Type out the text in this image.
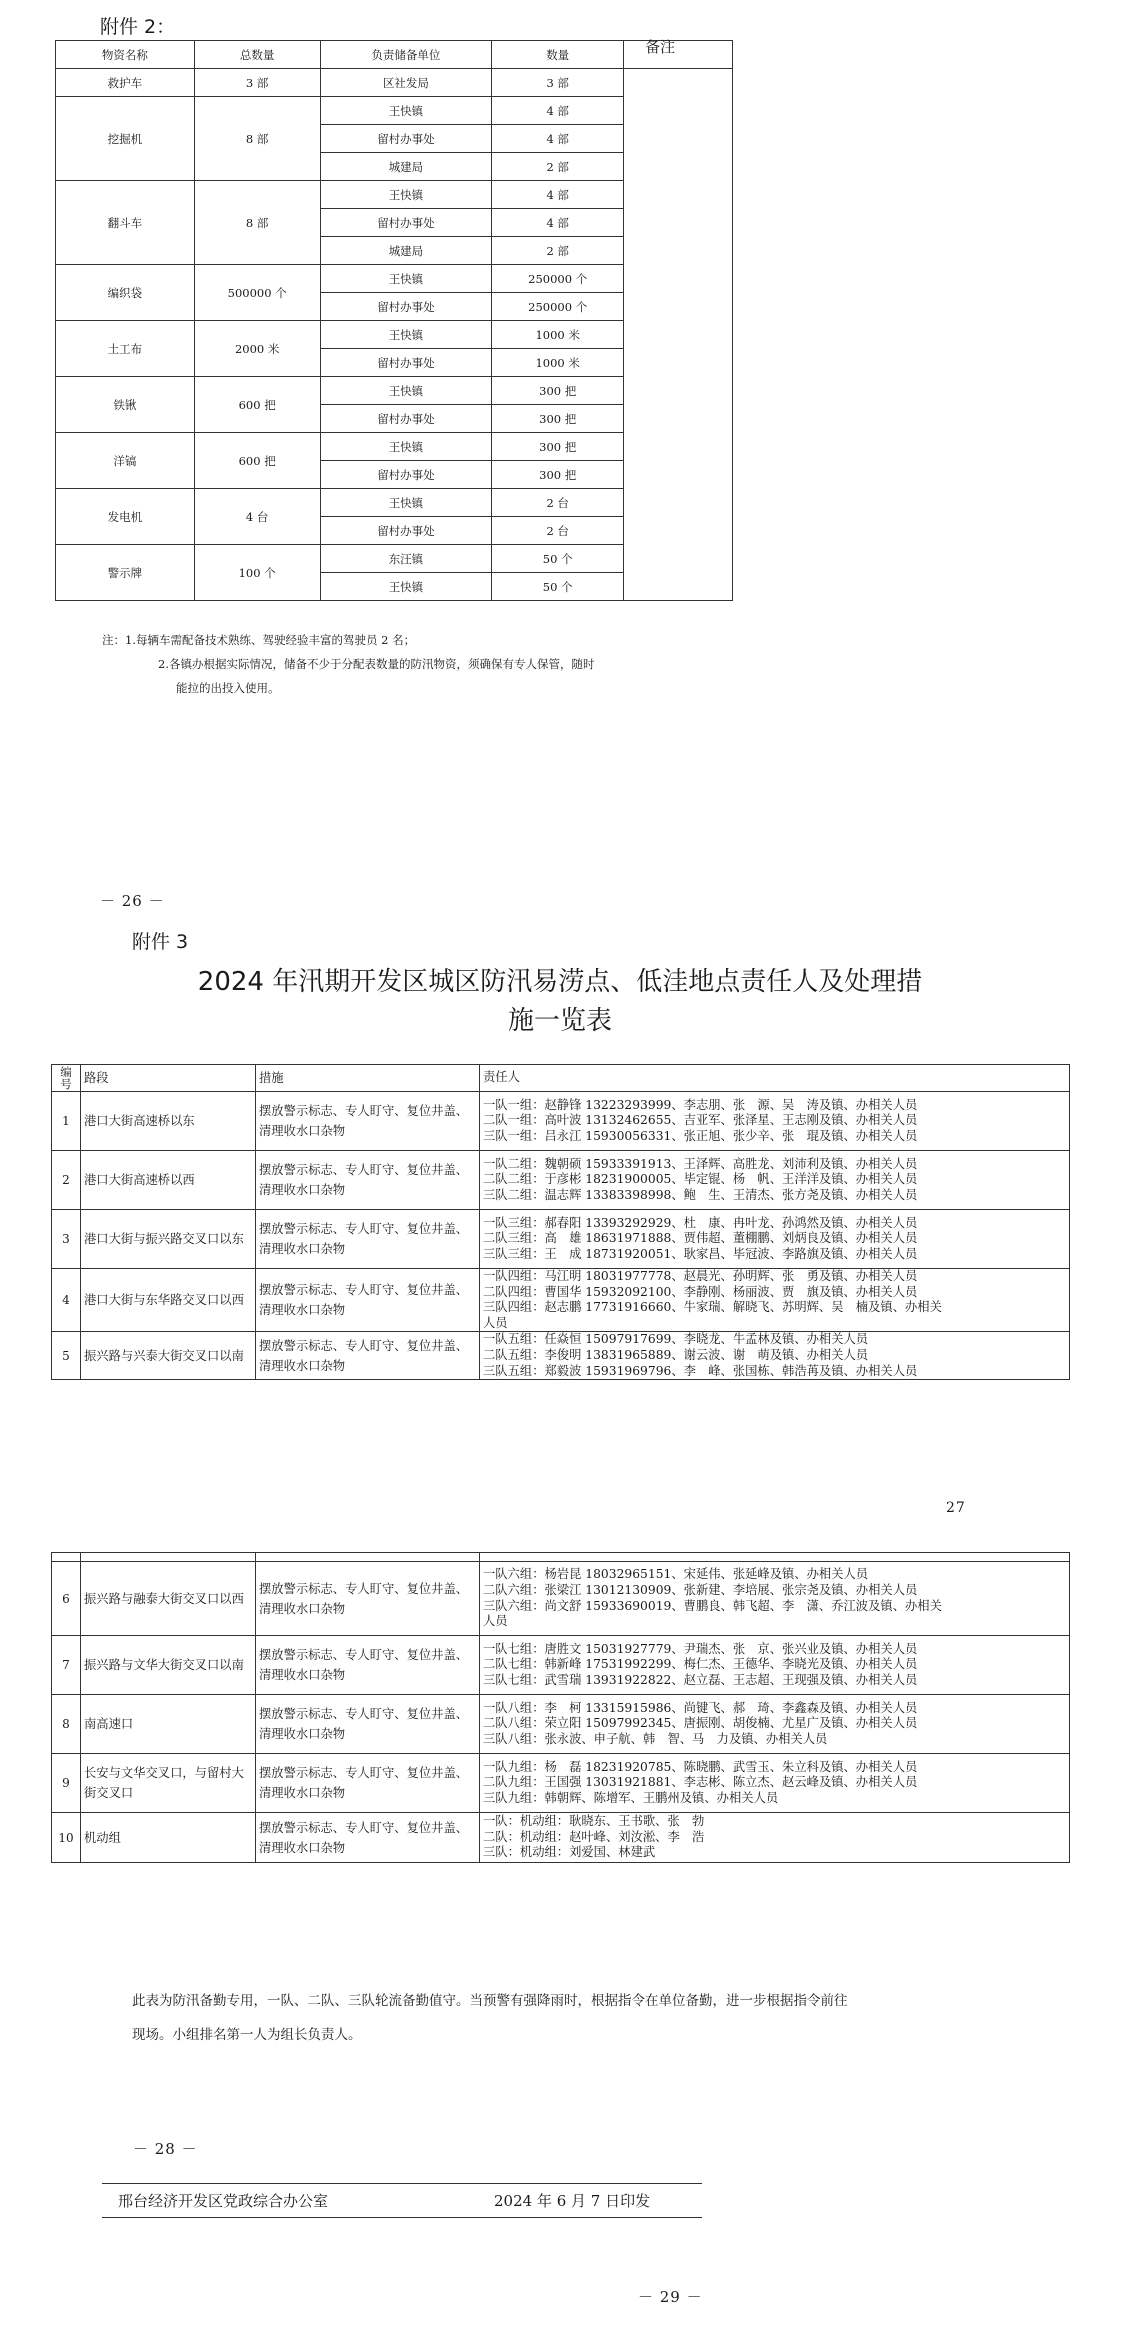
附件 2：
物资名称	总数量	负责储备单位	数量	备注
救护车	3 部	区社发局	3 部	
挖掘机	8 部	王快镇	4 部	
		留村办事处	4 部	
		城建局	2 部	
翻斗车	8 部	王快镇	4 部	
		留村办事处	4 部	
		城建局	2 部	
编织袋	500000 个	王快镇	250000 个	
		留村办事处	250000 个	
土工布	2000 米	王快镇	1000 米	
		留村办事处	1000 米	
铁锹	600 把	王快镇	300 把	
		留村办事处	300 把	
洋镐	600 把	王快镇	300 把	
		留村办事处	300 把	
发电机	4 台	王快镇	2 台	
		留村办事处	2 台	
警示牌	100 个	东汪镇	50 个	
		王快镇	50 个	
注：1.每辆车需配备技术熟练、驾驶经验丰富的驾驶员 2 名；
2.各镇办根据实际情况，储备不少于分配表数量的防汛物资，须确保有专人保管，随时
能拉的出投入使用。
－ 26 －
附件 3
2024 年汛期开发区城区防汛易涝点、低洼地点责任人及处理措
施一览表
编号	路段	措施	责任人
1	港口大街高速桥以东	摆放警示标志、专人盯守、复位井盖、清理收水口杂物	一队一组：赵静锋 13223293999、李志朋、张　源、吴　涛及镇、办相关人员
二队一组：高叶波 13132462655、吉亚军、张泽星、王志刚及镇、办相关人员
三队一组：吕永江 15930056331、张正旭、张少辛、张　琨及镇、办相关人员

2	港口大街高速桥以西	摆放警示标志、专人盯守、复位井盖、清理收水口杂物	一队二组：魏朝硕 15933391913、王泽辉、高胜龙、刘沛利及镇、办相关人员
二队二组：于彦彬 18231900005、毕定锟、杨　帆、王洋洋及镇、办相关人员
三队二组：温志辉 13383398998、鲍　生、王清杰、张方尧及镇、办相关人员

3	港口大街与振兴路交叉口以东	摆放警示标志、专人盯守、复位井盖、清理收水口杂物	一队三组：郝春阳 13393292929、杜　康、冉叶龙、孙鸿然及镇、办相关人员
二队三组：高　雄 18631971888、贾伟超、董棚鹏、刘炳良及镇、办相关人员
三队三组：王　成 18731920051、耿家昌、毕冠波、李路旗及镇、办相关人员

4	港口大街与东华路交叉口以西	摆放警示标志、专人盯守、复位井盖、清理收水口杂物	一队四组：马江明 18031977778、赵晨光、孙明辉、张　勇及镇、办相关人员
二队四组：曹国华 15932092100、李静刚、杨丽波、贾　旗及镇、办相关人员
三队四组：赵志鹏 17731916660、牛家瑞、解晓飞、苏明辉、吴　楠及镇、办相关
人员

5	振兴路与兴泰大街交叉口以南	摆放警示标志、专人盯守、复位井盖、清理收水口杂物	一队五组：任焱恒 15097917699、李晓龙、牛孟林及镇、办相关人员
二队五组：李俊明 13831965889、谢云波、谢　萌及镇、办相关人员
三队五组：郑毅波 15931969796、李　峰、张国栋、韩浩苒及镇、办相关人员
27

6	振兴路与融泰大街交叉口以西	摆放警示标志、专人盯守、复位井盖、清理收水口杂物	一队六组：杨岩昆 18032965151、宋延伟、张延峰及镇、办相关人员
二队六组：张梁江 13012130909、张新建、李培展、张宗尧及镇、办相关人员
三队六组：尚文舒 15933690019、曹鹏良、韩飞超、李　潇、乔江波及镇、办相关
人员

7	振兴路与文华大街交叉口以南	摆放警示标志、专人盯守、复位井盖、清理收水口杂物	一队七组：唐胜文 15031927779、尹瑞杰、张　京、张兴业及镇、办相关人员
二队七组：韩新峰 17531992299、梅仁杰、王德华、李晓光及镇、办相关人员
三队七组：武雪瑞 13931922822、赵立磊、王志超、王现强及镇、办相关人员

8	南高速口	摆放警示标志、专人盯守、复位井盖、清理收水口杂物	一队八组：李　柯 13315915986、尚键飞、郝　琦、李鑫森及镇、办相关人员
二队八组：荣立阳 15097992345、唐振刚、胡俊楠、尤星广及镇、办相关人员
三队八组：张永波、申子航、韩　智、马　力及镇、办相关人员

9	长安与文华交叉口，与留村大街交叉口	摆放警示标志、专人盯守、复位井盖、清理收水口杂物	一队九组：杨　磊 18231920785、陈晓鹏、武雪玉、朱立科及镇、办相关人员
二队九组：王国强 13031921881、李志彬、陈立杰、赵云峰及镇、办相关人员
三队九组：韩朝辉、陈增军、王鹏州及镇、办相关人员

10	机动组	摆放警示标志、专人盯守、复位井盖、清理收水口杂物	一队：机动组：耿晓东、王书歌、张　勃
二队：机动组：赵叶峰、刘汝淞、李　浩
三队：机动组：刘爱国、林建武
此表为防汛备勤专用，一队、二队、三队轮流备勤值守。当预警有强降雨时，根据指令在单位备勤，进一步根据指令前往
现场。小组排名第一人为组长负责人。
－ 28 －
邢台经济开发区党政综合办公室	2024 年 6 月 7 日印发
－ 29 －
